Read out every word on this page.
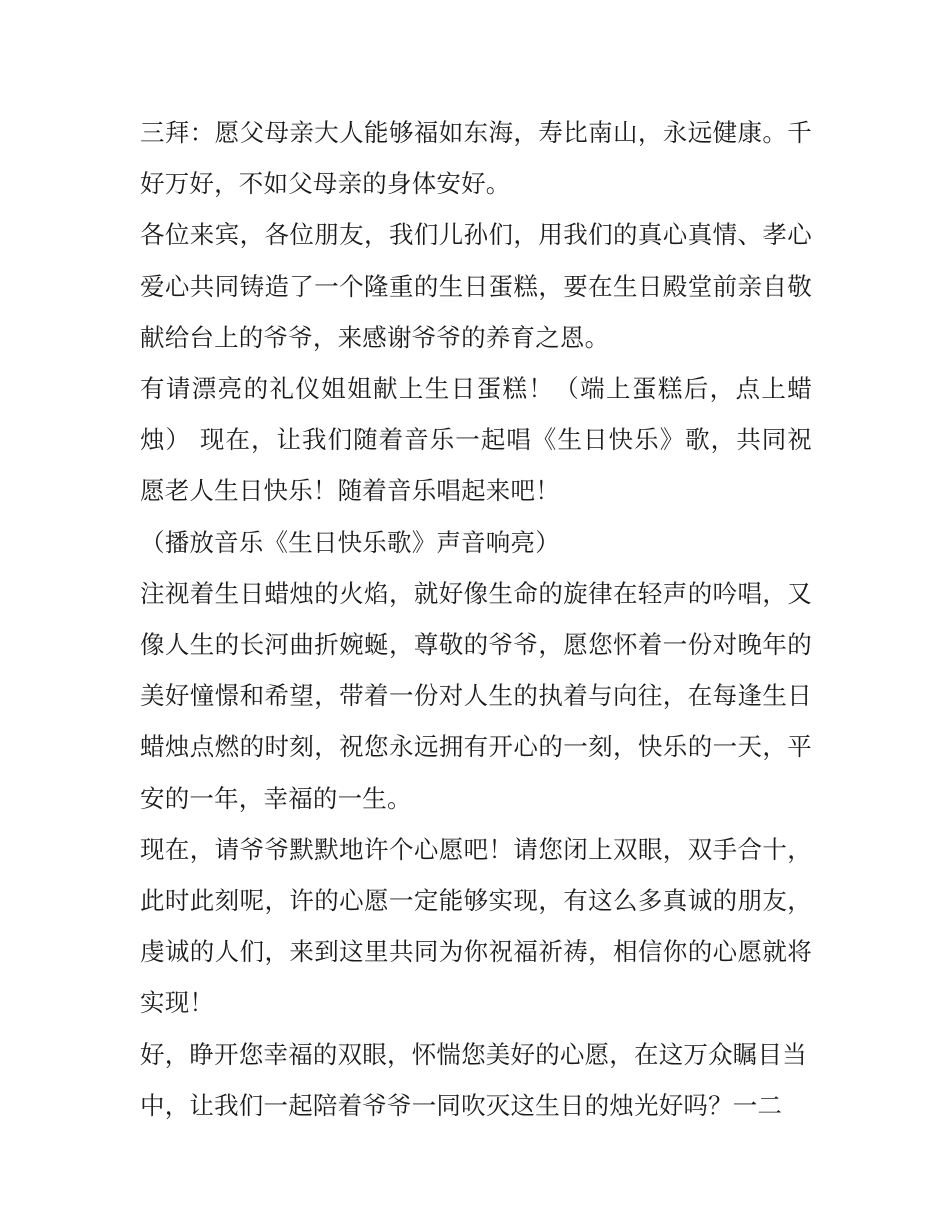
三拜：愿父母亲大人能够福如东海，寿比南山，永远健康。千好万好，不如父母亲的身体安好。

各位来宾，各位朋友，我们儿孙们，用我们的真心真情、孝心爱心共同铸造了一个隆重的生日蛋糕，要在生日殿堂前亲自敬献给台上的爷爷，来感谢爷爷的养育之恩。

有请漂亮的礼仪姐姐献上生日蛋糕！（端上蛋糕后，点上蜡烛） 现在，让我们随着音乐一起唱《生日快乐》歌，共同祝愿老人生日快乐！随着音乐唱起来吧！

（播放音乐《生日快乐歌》声音响亮）

注视着生日蜡烛的火焰，就好像生命的旋律在轻声的吟唱，又像人生的长河曲折婉蜒，尊敬的爷爷，愿您怀着一份对晚年的美好憧憬和希望，带着一份对人生的执着与向往，在每逢生日蜡烛点燃的时刻，祝您永远拥有开心的一刻，快乐的一天，平安的一年，幸福的一生。

现在，请爷爷默默地许个心愿吧！请您闭上双眼，双手合十，此时此刻呢，许的心愿一定能够实现，有这么多真诚的朋友，虔诚的人们，来到这里共同为你祝福祈祷，相信你的心愿就将实现！

好，睁开您幸福的双眼，怀惴您美好的心愿，在这万众瞩目当中，让我们一起陪着爷爷一同吹灭这生日的烛光好吗？一二
